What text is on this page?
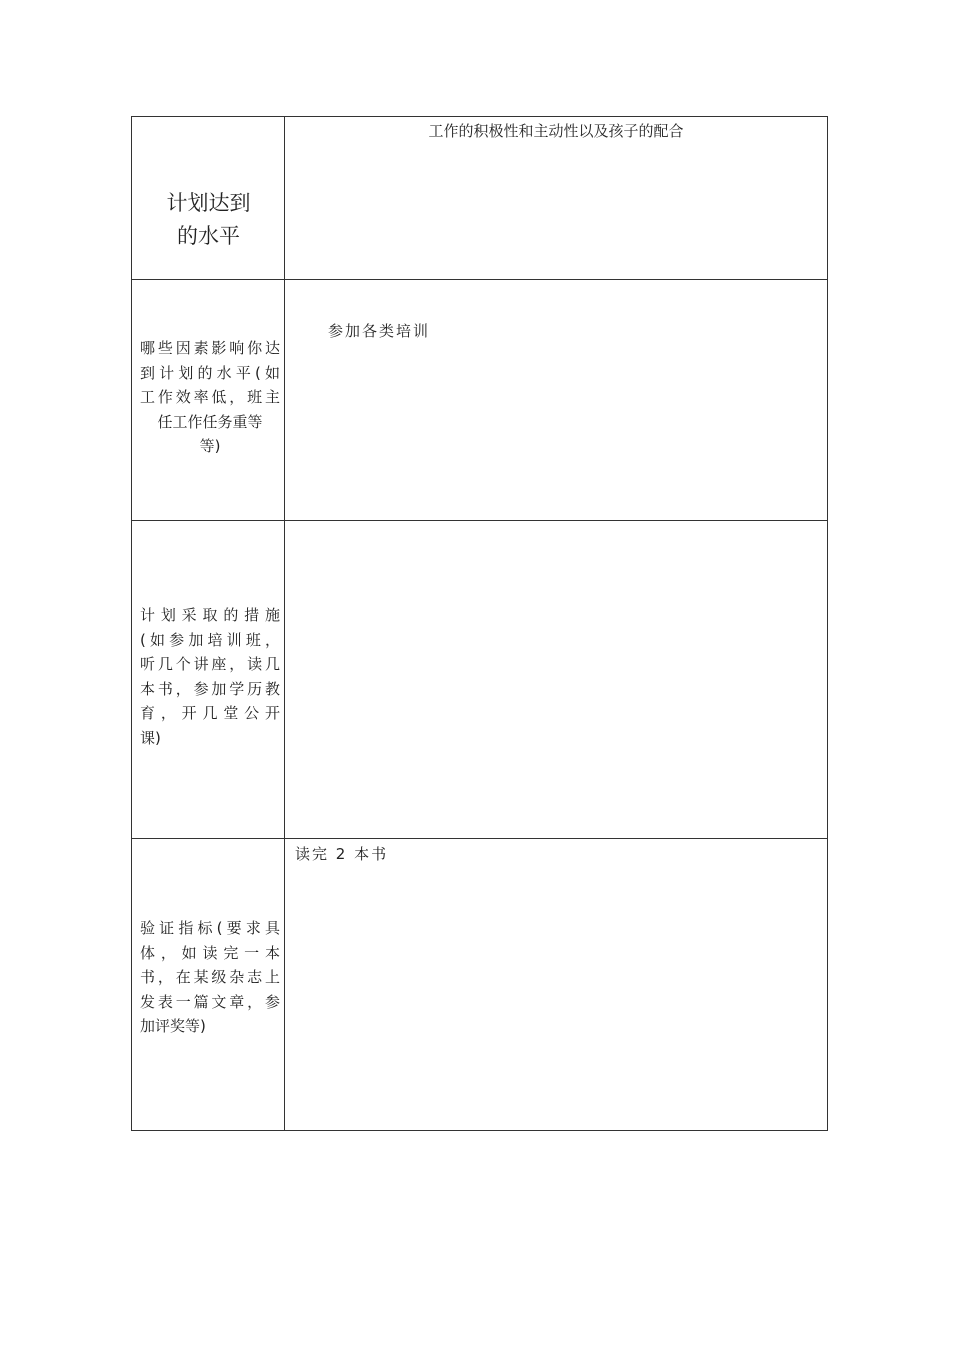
计划达到
的水平
工作的积极性和主动性以及孩子的配合
哪些因素影响你达
到计划的水平(如
工作效率低，班主
任工作任务重等
等)
参加各类培训
计划采取的措施
(如参加培训班，
听几个讲座，读几
本书，参加学历教
育，开几堂公开
课)
验证指标(要求具
体，如读完一本
书，在某级杂志上
发表一篇文章，参
加评奖等)
读完 2 本书
